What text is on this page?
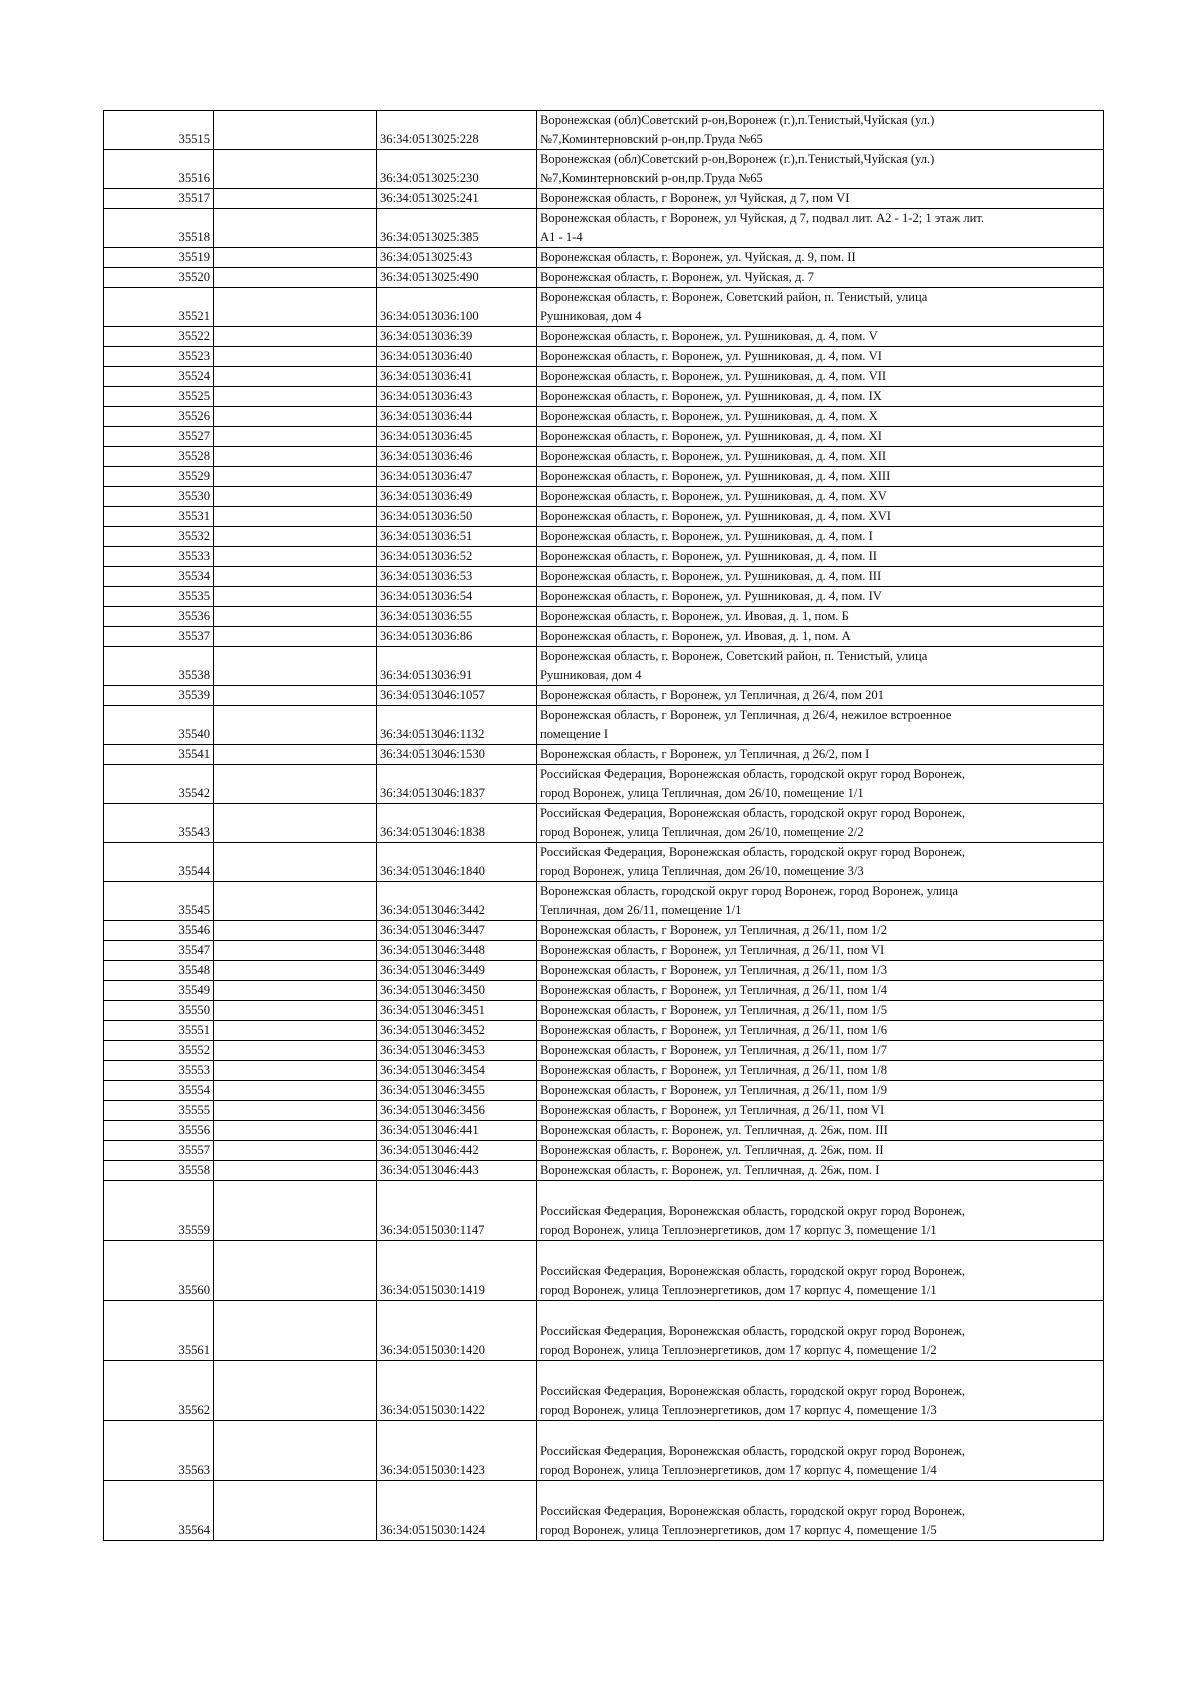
35515		36:34:0513025:228	Воронежская (обл)Советский р-он,Воронеж (г.),п.Тенистый,Чуйская (ул.)
№7,Коминтерновский р-он,пр.Труда №65

35516		36:34:0513025:230	Воронежская (обл)Советский р-он,Воронеж (г.),п.Тенистый,Чуйская (ул.)
№7,Коминтерновский р-он,пр.Труда №65

35517		36:34:0513025:241	Воронежская область, г Воронеж, ул Чуйская, д 7, пом VI
35518		36:34:0513025:385	Воронежская область, г Воронеж, ул Чуйская, д 7, подвал лит. А2 - 1-2; 1 этаж лит.
А1 - 1-4

35519		36:34:0513025:43	Воронежская область, г. Воронеж, ул. Чуйская, д. 9, пом. II
35520		36:34:0513025:490	Воронежская область, г. Воронеж, ул. Чуйская, д. 7
35521		36:34:0513036:100	Воронежская область, г. Воронеж, Советский район, п. Тенистый, улица
Рушниковая, дом 4

35522		36:34:0513036:39	Воронежская область, г. Воронеж, ул. Рушниковая, д. 4, пом. V
35523		36:34:0513036:40	Воронежская область, г. Воронеж, ул. Рушниковая, д. 4, пом. VI
35524		36:34:0513036:41	Воронежская область, г. Воронеж, ул. Рушниковая, д. 4, пом. VII
35525		36:34:0513036:43	Воронежская область, г. Воронеж, ул. Рушниковая, д. 4, пом. IX
35526		36:34:0513036:44	Воронежская область, г. Воронеж, ул. Рушниковая, д. 4, пом. X
35527		36:34:0513036:45	Воронежская область, г. Воронеж, ул. Рушниковая, д. 4, пом. XI
35528		36:34:0513036:46	Воронежская область, г. Воронеж, ул. Рушниковая, д. 4, пом. XII
35529		36:34:0513036:47	Воронежская область, г. Воронеж, ул. Рушниковая, д. 4, пом. XIII
35530		36:34:0513036:49	Воронежская область, г. Воронеж, ул. Рушниковая, д. 4, пом. XV
35531		36:34:0513036:50	Воронежская область, г. Воронеж, ул. Рушниковая, д. 4, пом. XVI
35532		36:34:0513036:51	Воронежская область, г. Воронеж, ул. Рушниковая, д. 4, пом. I
35533		36:34:0513036:52	Воронежская область, г. Воронеж, ул. Рушниковая, д. 4, пом. II
35534		36:34:0513036:53	Воронежская область, г. Воронеж, ул. Рушниковая, д. 4, пом. III
35535		36:34:0513036:54	Воронежская область, г. Воронеж, ул. Рушниковая, д. 4, пом. IV
35536		36:34:0513036:55	Воронежская область, г. Воронеж, ул. Ивовая, д. 1, пом. Б
35537		36:34:0513036:86	Воронежская область, г. Воронеж, ул. Ивовая, д. 1, пом. А
35538		36:34:0513036:91	Воронежская область, г. Воронеж, Советский район, п. Тенистый, улица
Рушниковая, дом 4

35539		36:34:0513046:1057	Воронежская область, г Воронеж, ул Тепличная, д 26/4, пом 201
35540		36:34:0513046:1132	Воронежская область, г Воронеж, ул Тепличная, д 26/4, нежилое встроенное
помещение I

35541		36:34:0513046:1530	Воронежская область, г Воронеж, ул Тепличная, д 26/2, пом I
35542		36:34:0513046:1837	Российская Федерация, Воронежская область, городской округ город Воронеж,
город Воронеж, улица Тепличная, дом 26/10, помещение 1/1

35543		36:34:0513046:1838	Российская Федерация, Воронежская область, городской округ город Воронеж,
город Воронеж, улица Тепличная, дом 26/10, помещение 2/2

35544		36:34:0513046:1840	Российская Федерация, Воронежская область, городской округ город Воронеж,
город Воронеж, улица Тепличная, дом 26/10, помещение 3/3

35545		36:34:0513046:3442	Воронежская область, городской округ город Воронеж, город Воронеж, улица
Тепличная, дом 26/11, помещение 1/1

35546		36:34:0513046:3447	Воронежская область, г Воронеж, ул Тепличная, д 26/11, пом 1/2
35547		36:34:0513046:3448	Воронежская область, г Воронеж, ул Тепличная, д 26/11, пом VI
35548		36:34:0513046:3449	Воронежская область, г Воронеж, ул Тепличная, д 26/11, пом 1/3
35549		36:34:0513046:3450	Воронежская область, г Воронеж, ул Тепличная, д 26/11, пом 1/4
35550		36:34:0513046:3451	Воронежская область, г Воронеж, ул Тепличная, д 26/11, пом 1/5
35551		36:34:0513046:3452	Воронежская область, г Воронеж, ул Тепличная, д 26/11, пом 1/6
35552		36:34:0513046:3453	Воронежская область, г Воронеж, ул Тепличная, д 26/11, пом 1/7
35553		36:34:0513046:3454	Воронежская область, г Воронеж, ул Тепличная, д 26/11, пом 1/8
35554		36:34:0513046:3455	Воронежская область, г Воронеж, ул Тепличная, д 26/11, пом 1/9
35555		36:34:0513046:3456	Воронежская область, г Воронеж, ул Тепличная, д 26/11, пом VI
35556		36:34:0513046:441	Воронежская область, г. Воронеж, ул. Тепличная, д. 26ж, пом. III
35557		36:34:0513046:442	Воронежская область, г. Воронеж, ул. Тепличная, д. 26ж, пом. II
35558		36:34:0513046:443	Воронежская область, г. Воронеж, ул. Тепличная, д. 26ж, пом. I
35559		36:34:0515030:1147	Российская Федерация, Воронежская область, городской округ город Воронеж,
город Воронеж, улица Теплоэнергетиков, дом 17 корпус 3, помещение 1/1

35560		36:34:0515030:1419	Российская Федерация, Воронежская область, городской округ город Воронеж,
город Воронеж, улица Теплоэнергетиков, дом 17 корпус 4, помещение 1/1

35561		36:34:0515030:1420	Российская Федерация, Воронежская область, городской округ город Воронеж,
город Воронеж, улица Теплоэнергетиков, дом 17 корпус 4, помещение 1/2

35562		36:34:0515030:1422	Российская Федерация, Воронежская область, городской округ город Воронеж,
город Воронеж, улица Теплоэнергетиков, дом 17 корпус 4, помещение 1/3

35563		36:34:0515030:1423	Российская Федерация, Воронежская область, городской округ город Воронеж,
город Воронеж, улица Теплоэнергетиков, дом 17 корпус 4, помещение 1/4

35564		36:34:0515030:1424	Российская Федерация, Воронежская область, городской округ город Воронеж,
город Воронеж, улица Теплоэнергетиков, дом 17 корпус 4, помещение 1/5
